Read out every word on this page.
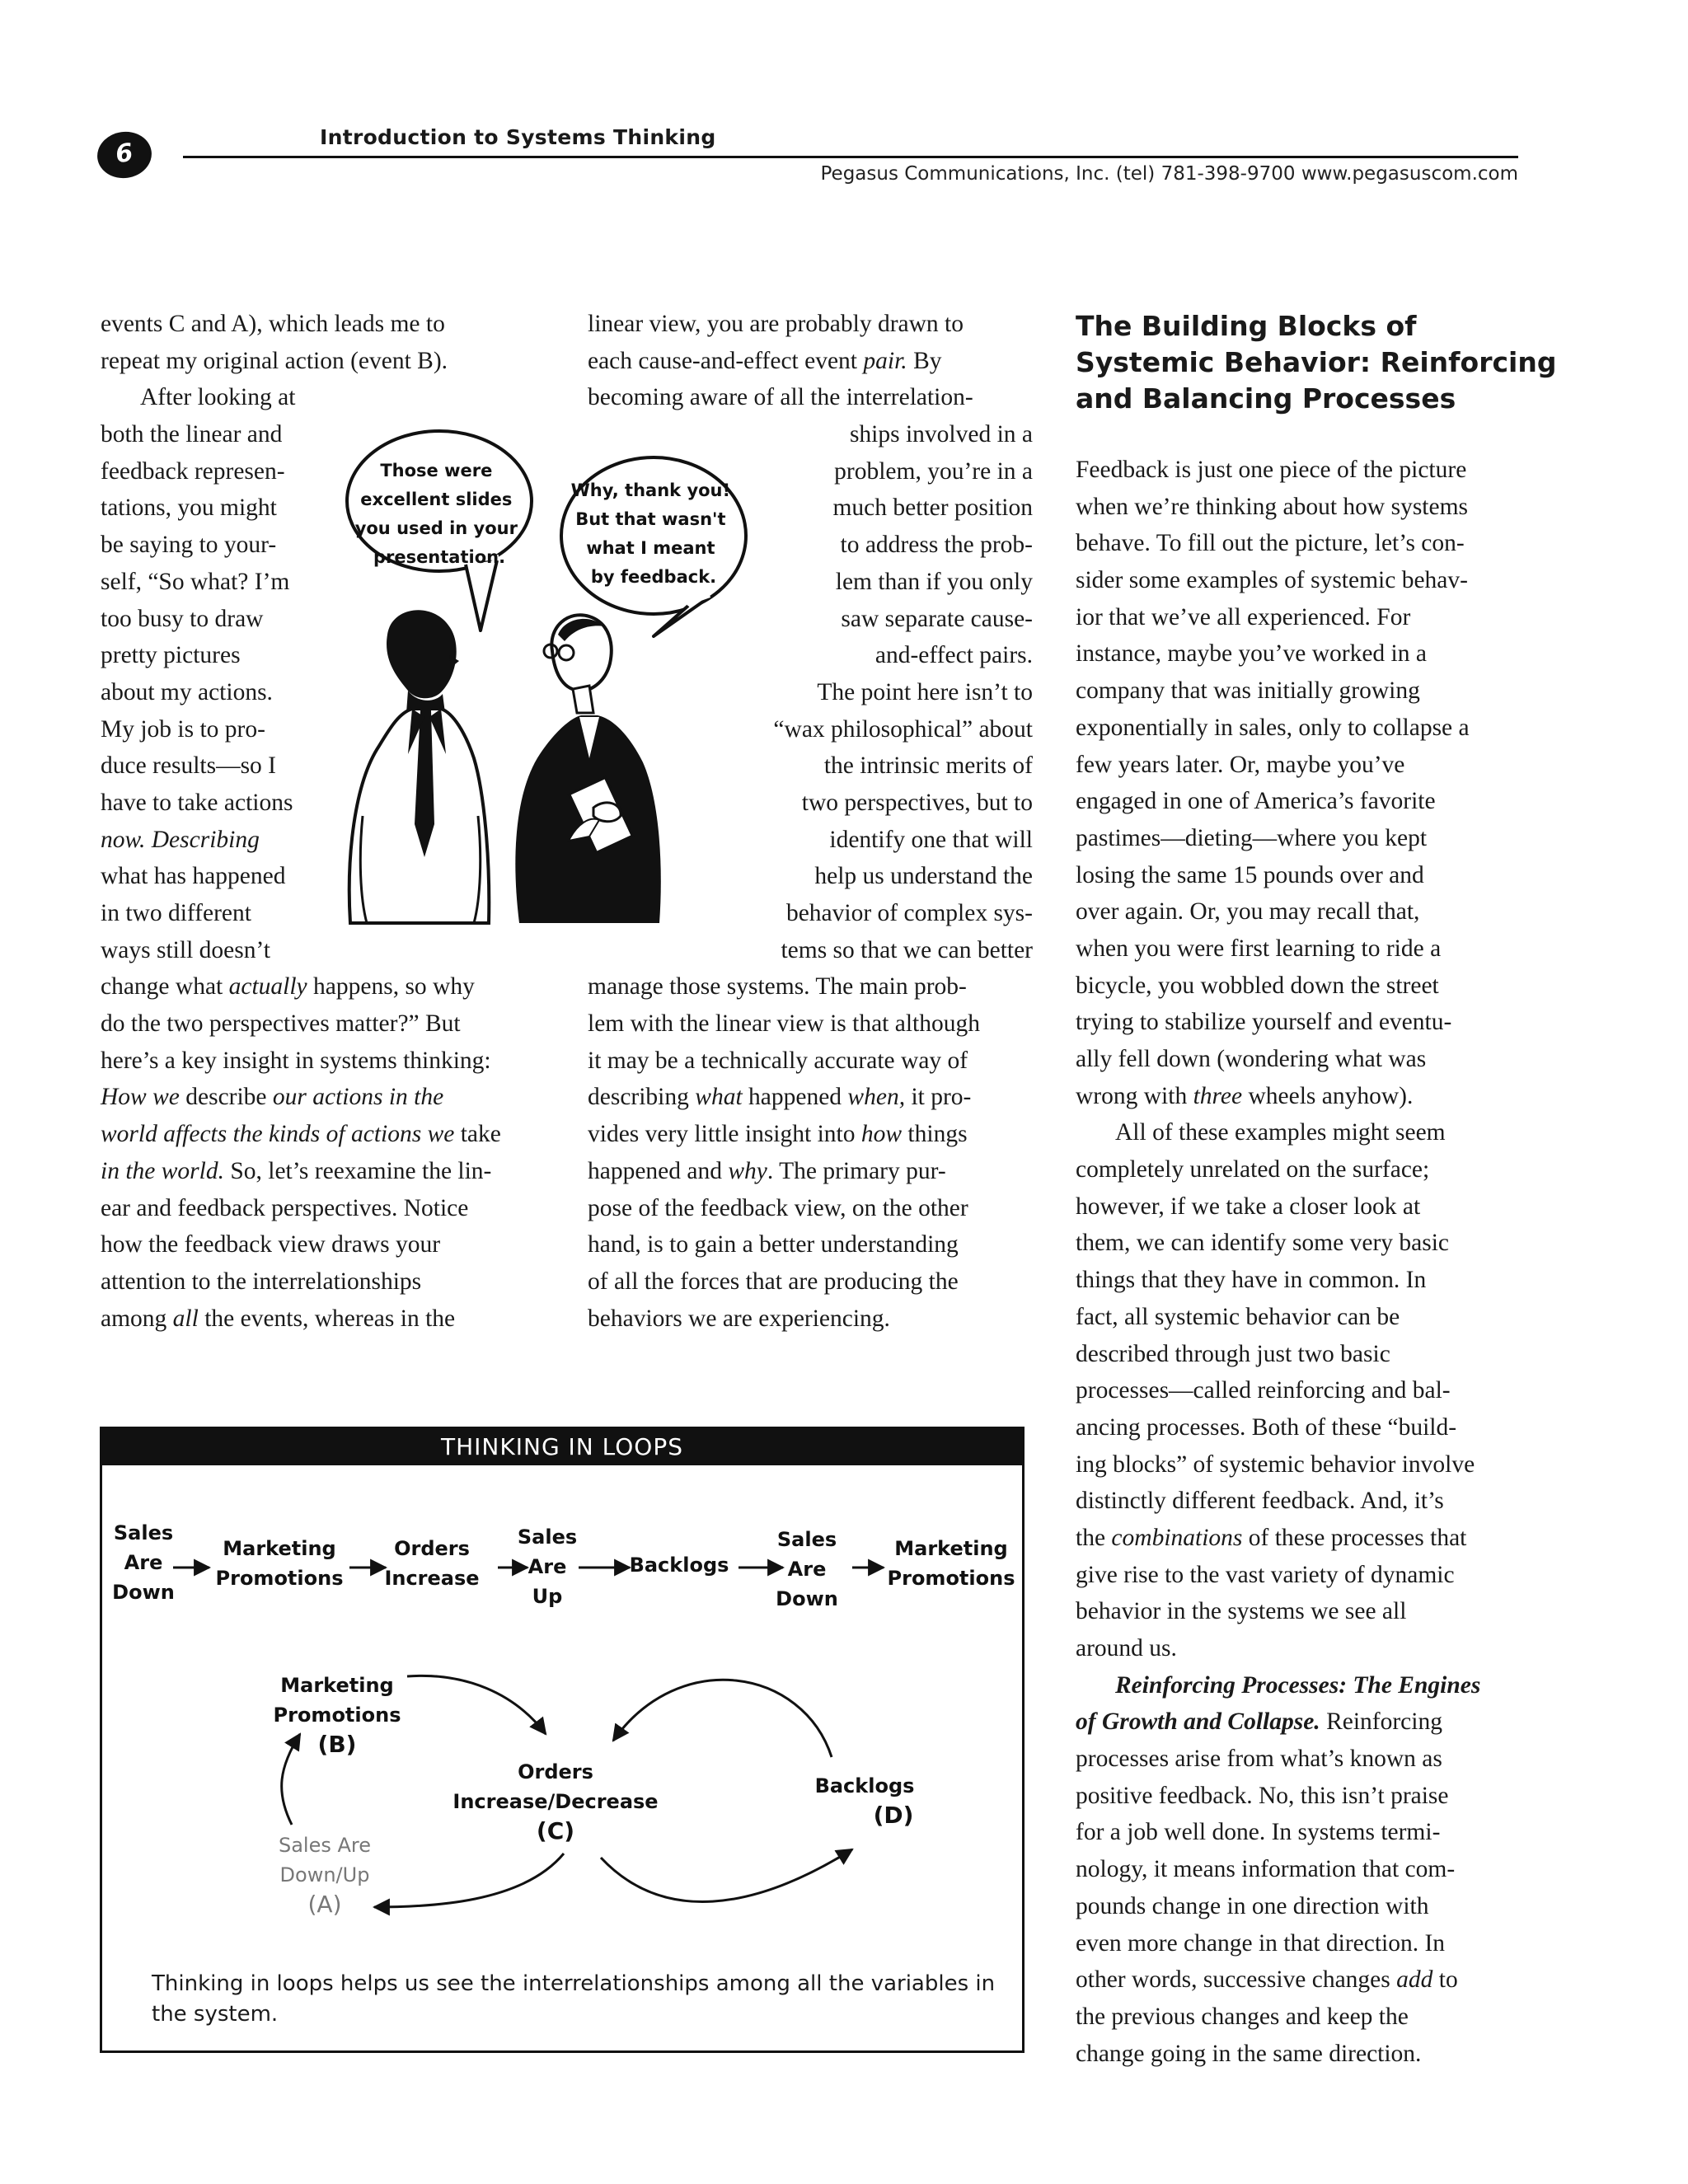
6
Introduction to Systems Thinking
Pegasus Communications, Inc. (tel) 781-398-9700 www.pegasuscom.com
events C and A), which leads me to
repeat my original action (event B).
After looking at
both the linear and
feedback represen-
tations, you might
be saying to your-
self, “So what? I’m
too busy to draw
pretty pictures
about my actions.
My job is to pro-
duce results—so I
have to take actions
now. Describing
what has happened
in two different
ways still doesn’t
change what actually happens, so why
do the two perspectives matter?” But
here’s a key insight in systems thinking:
How we describe our actions in the
world affects the kinds of actions we take
in the world. So, let’s reexamine the lin-
ear and feedback perspectives. Notice
how the feedback view draws your
attention to the interrelationships
among all the events, whereas in the
linear view, you are probably drawn to
each cause-and-effect event pair. By
becoming aware of all the interrelation-
ships involved in a
problem, you’re in a
much better position
to address the prob-
lem than if you only
saw separate cause-
and-effect pairs.
The point here isn’t to
“wax philosophical” about
the intrinsic merits of
two perspectives, but to
identify one that will
help us understand the
behavior of complex sys-
tems so that we can better
manage those systems. The main prob-
lem with the linear view is that although
it may be a technically accurate way of
describing what happened when, it pro-
vides very little insight into how things
happened and why. The primary pur-
pose of the feedback view, on the other
hand, is to gain a better understanding
of all the forces that are producing the
behaviors we are experiencing.
The Building Blocks of
Systemic Behavior: Reinforcing
and Balancing Processes
Feedback is just one piece of the picture
when we’re thinking about how systems
behave. To fill out the picture, let’s con-
sider some examples of systemic behav-
ior that we’ve all experienced. For
instance, maybe you’ve worked in a
company that was initially growing
exponentially in sales, only to collapse a
few years later. Or, maybe you’ve
engaged in one of America’s favorite
pastimes—dieting—where you kept
losing the same 15 pounds over and
over again. Or, you may recall that,
when you were first learning to ride a
bicycle, you wobbled down the street
trying to stabilize yourself and eventu-
ally fell down (wondering what was
wrong with three wheels anyhow).
All of these examples might seem
completely unrelated on the surface;
however, if we take a closer look at
them, we can identify some very basic
things that they have in common. In
fact, all systemic behavior can be
described through just two basic
processes—called reinforcing and bal-
ancing processes. Both of these “build-
ing blocks” of systemic behavior involve
distinctly different feedback. And, it’s
the combinations of these processes that
give rise to the vast variety of dynamic
behavior in the systems we see all
around us.
Reinforcing Processes: The Engines
of Growth and Collapse. Reinforcing
processes arise from what’s known as
positive feedback. No, this isn’t praise
for a job well done. In systems termi-
nology, it means information that com-
pounds change in one direction with
even more change in that direction. In
other words, successive changes add to
the previous changes and keep the
change going in the same direction.
Those were excellent slides you used in your presentation.
Why, thank you! But that wasn't what I meant by feedback.
THINKING IN LOOPS
Sales
Are
Down
Marketing
Promotions
Orders
Increase
Sales
Are
Up
Backlogs
Sales
Are
Down
Marketing
Promotions
Marketing
Promotions
(B)
Orders
Increase/Decrease
(C)
Backlogs
(D)
Sales Are
Down/Up
(A)
Thinking in loops helps us see the interrelationships among all the variables in
the system.
